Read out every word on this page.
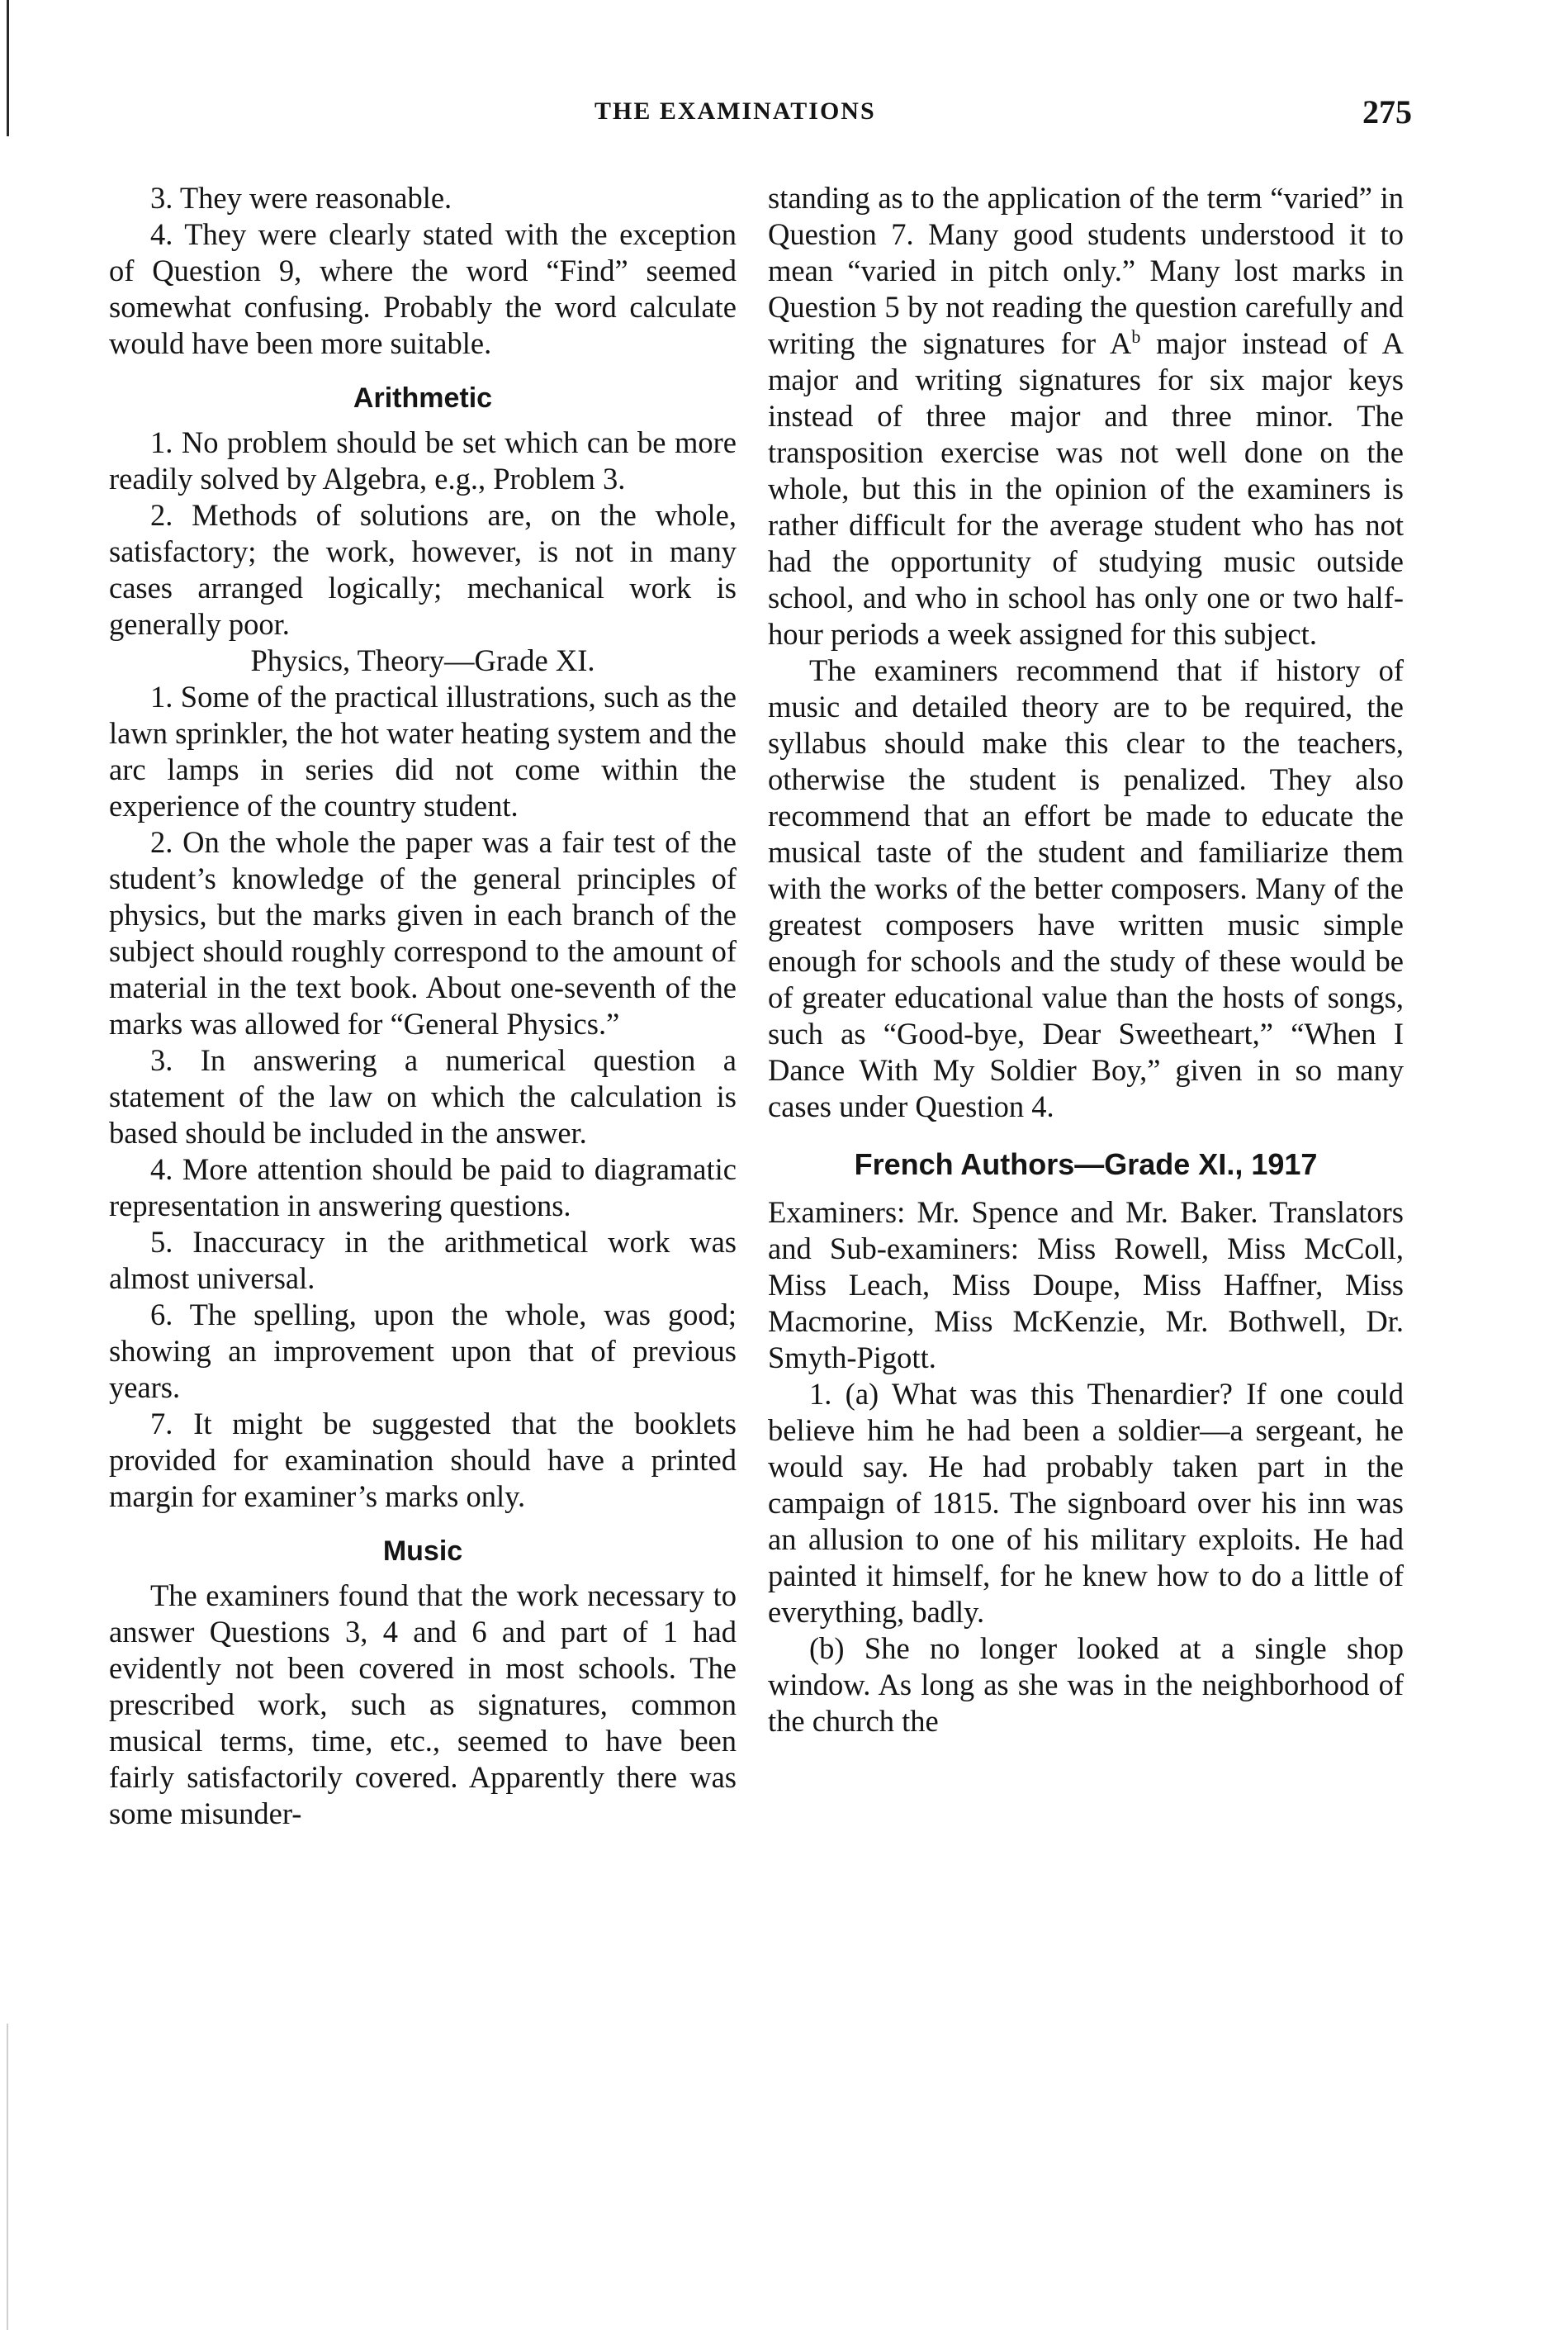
THE EXAMINATIONS	275

3. They were reasonable.

4. They were clearly stated with the exception of Question 9, where the word “Find” seemed somewhat confusing. Probably the word calculate would have been more suitable.

Arithmetic

1. No problem should be set which can be more readily solved by Algebra, e.g., Problem 3.

2. Methods of solutions are, on the whole, satisfactory; the work, however, is not in many cases arranged logically; mechanical work is generally poor.

Physics, Theory—Grade XI.

1. Some of the practical illustrations, such as the lawn sprinkler, the hot water heating system and the arc lamps in series did not come within the experience of the country student.

2. On the whole the paper was a fair test of the student’s knowledge of the general principles of physics, but the marks given in each branch of the subject should roughly correspond to the amount of material in the text book. About one-seventh of the marks was allowed for “General Physics.”

3. In answering a numerical question a statement of the law on which the calculation is based should be included in the answer.

4. More attention should be paid to diagramatic representation in answering questions.

5. Inaccuracy in the arithmetical work was almost universal.

6. The spelling, upon the whole, was good; showing an improvement upon that of previous years.

7. It might be suggested that the booklets provided for examination should have a printed margin for examiner’s marks only.

Music

The examiners found that the work necessary to answer Questions 3, 4 and 6 and part of 1 had evidently not been covered in most schools. The prescribed work, such as signatures, common musical terms, time, etc., seemed to have been fairly satisfactorily covered. Apparently there was some misunder-

standing as to the application of the term “varied” in Question 7. Many good students understood it to mean “varied in pitch only.” Many lost marks in Question 5 by not reading the question carefully and writing the signatures for $A^b$ major instead of A major and writing signatures for six major keys instead of three major and three minor. The transposition exercise was not well done on the whole, but this in the opinion of the examiners is rather difficult for the average student who has not had the opportunity of studying music outside school, and who in school has only one or two half-hour periods a week assigned for this subject.

The examiners recommend that if history of music and detailed theory are to be required, the syllabus should make this clear to the teachers, otherwise the student is penalized. They also recommend that an effort be made to educate the musical taste of the student and familiarize them with the works of the better composers. Many of the greatest composers have written music simple enough for schools and the study of these would be of greater educational value than the hosts of songs, such as “Good-bye, Dear Sweetheart,” “When I Dance With My Soldier Boy,” given in so many cases under Question 4.

French Authors—Grade XI., 1917

Examiners: Mr. Spence and Mr. Baker. Translators and Sub-examiners: Miss Rowell, Miss McColl, Miss Leach, Miss Doupe, Miss Haffner, Miss Macmorine, Miss McKenzie, Mr. Bothwell, Dr. Smyth-Pigott.

1. (a) What was this Thenardier? If one could believe him he had been a soldier—a sergeant, he would say. He had probably taken part in the campaign of 1815. The signboard over his inn was an allusion to one of his military exploits. He had painted it himself, for he knew how to do a little of everything, badly.

(b) She no longer looked at a single shop window. As long as she was in the neighborhood of the church the
